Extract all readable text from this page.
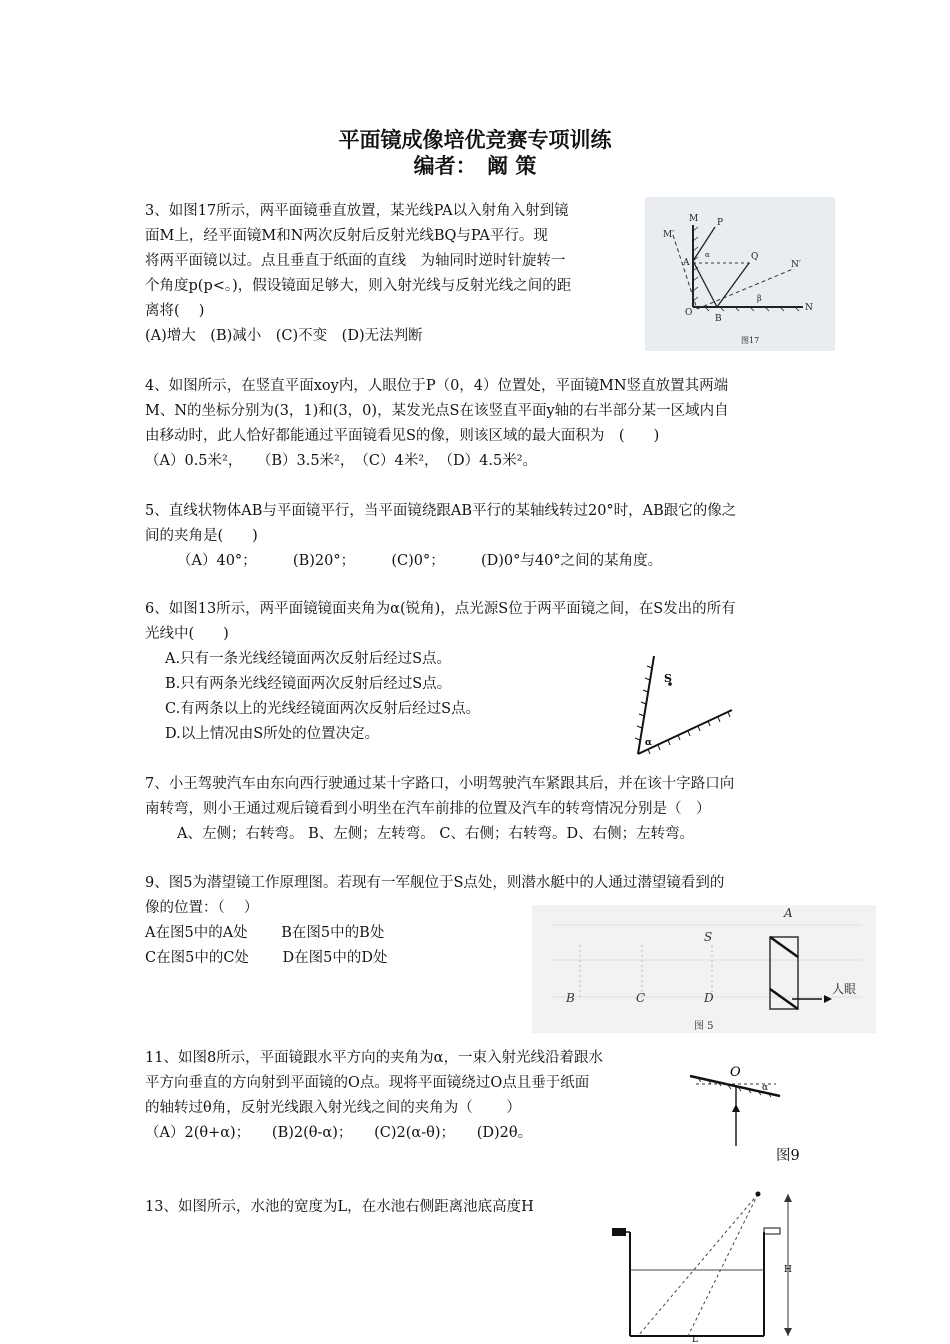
平面镜成像培优竞赛专项训练
编者：　阚 策

3、如图17所示，两平面镜垂直放置，某光线PA以入射角入射到镜

面M上，经平面镜M和N两次反射后反射光线BQ与PA平行。现

将两平面镜以过。点且垂直于纸面的直线　为轴同时逆时针旋转一

个角度p(p<。)，假设镜面足够大，则入射光线与反射光线之间的距

离将(　 )

(A)增大　(B)减小　(C)不变　(D)无法判断

M′
M P
A
α	Q
N′
β
O
B
N
图17

4、如图所示，在竖直平面xoy内，人眼位于P（0，4）位置处，平面镜MN竖直放置其两端

M、N的坐标分别为(3，1)和(3，0)，某发光点S在该竖直平面y轴的右半部分某一区域内自

由移动时，此人恰好都能通过平面镜看见S的像，则该区域的最大面积为　(　　)

（A）0.5米²，　　（B）3.5米²，　（C）4米²，　（D）4.5米²。

5、直线状物体AB与平面镜平行，当平面镜绕跟AB平行的某轴线转过20°时，AB跟它的像之

间的夹角是(　　)

（A）40°；　　　(B)20°；　　　(C)0°；　　　(D)0°与40°之间的某角度。

6、如图13所示，两平面镜镜面夹角为α(锐角)，点光源S位于两平面镜之间，在S发出的所有

光线中(　　)

A.只有一条光线经镜面两次反射后经过S点。

B.只有两条光线经镜面两次反射后经过S点。

C.有两条以上的光线经镜面两次反射后经过S点。

D.以上情况由S所处的位置决定。

S
α

7、小王驾驶汽车由东向西行驶通过某十字路口，小明驾驶汽车紧跟其后，并在该十字路口向

南转弯，则小王通过观后镜看到小明坐在汽车前排的位置及汽车的转弯情况分别是（　）

A、左侧；右转弯。 B、左侧；左转弯。 C、右侧；右转弯。D、右侧；左转弯。

9、图5为潜望镜工作原理图。若现有一军舰位于S点处，则潜水艇中的人通过潜望镜看到的

像的位置：（　 ）

A在图5中的A处　　 B在图5中的B处

C在图5中的C处　　 D在图5中的D处

A
S
B	C	D
人眼
图 5

11、如图8所示，平面镜跟水平方向的夹角为α，一束入射光线沿着跟水

平方向垂直的方向射到平面镜的O点。现将平面镜绕过O点且垂于纸面

的轴转过θ角，反射光线跟入射光线之间的夹角为（　　 ）

（A）2(θ+α)；　　(B)2(θ-α)；　　(C)2(α-θ)；　　(D)2θ。

O
α
图9

13、如图所示，水池的宽度为L，在水池右侧距离池底高度H

H
L
